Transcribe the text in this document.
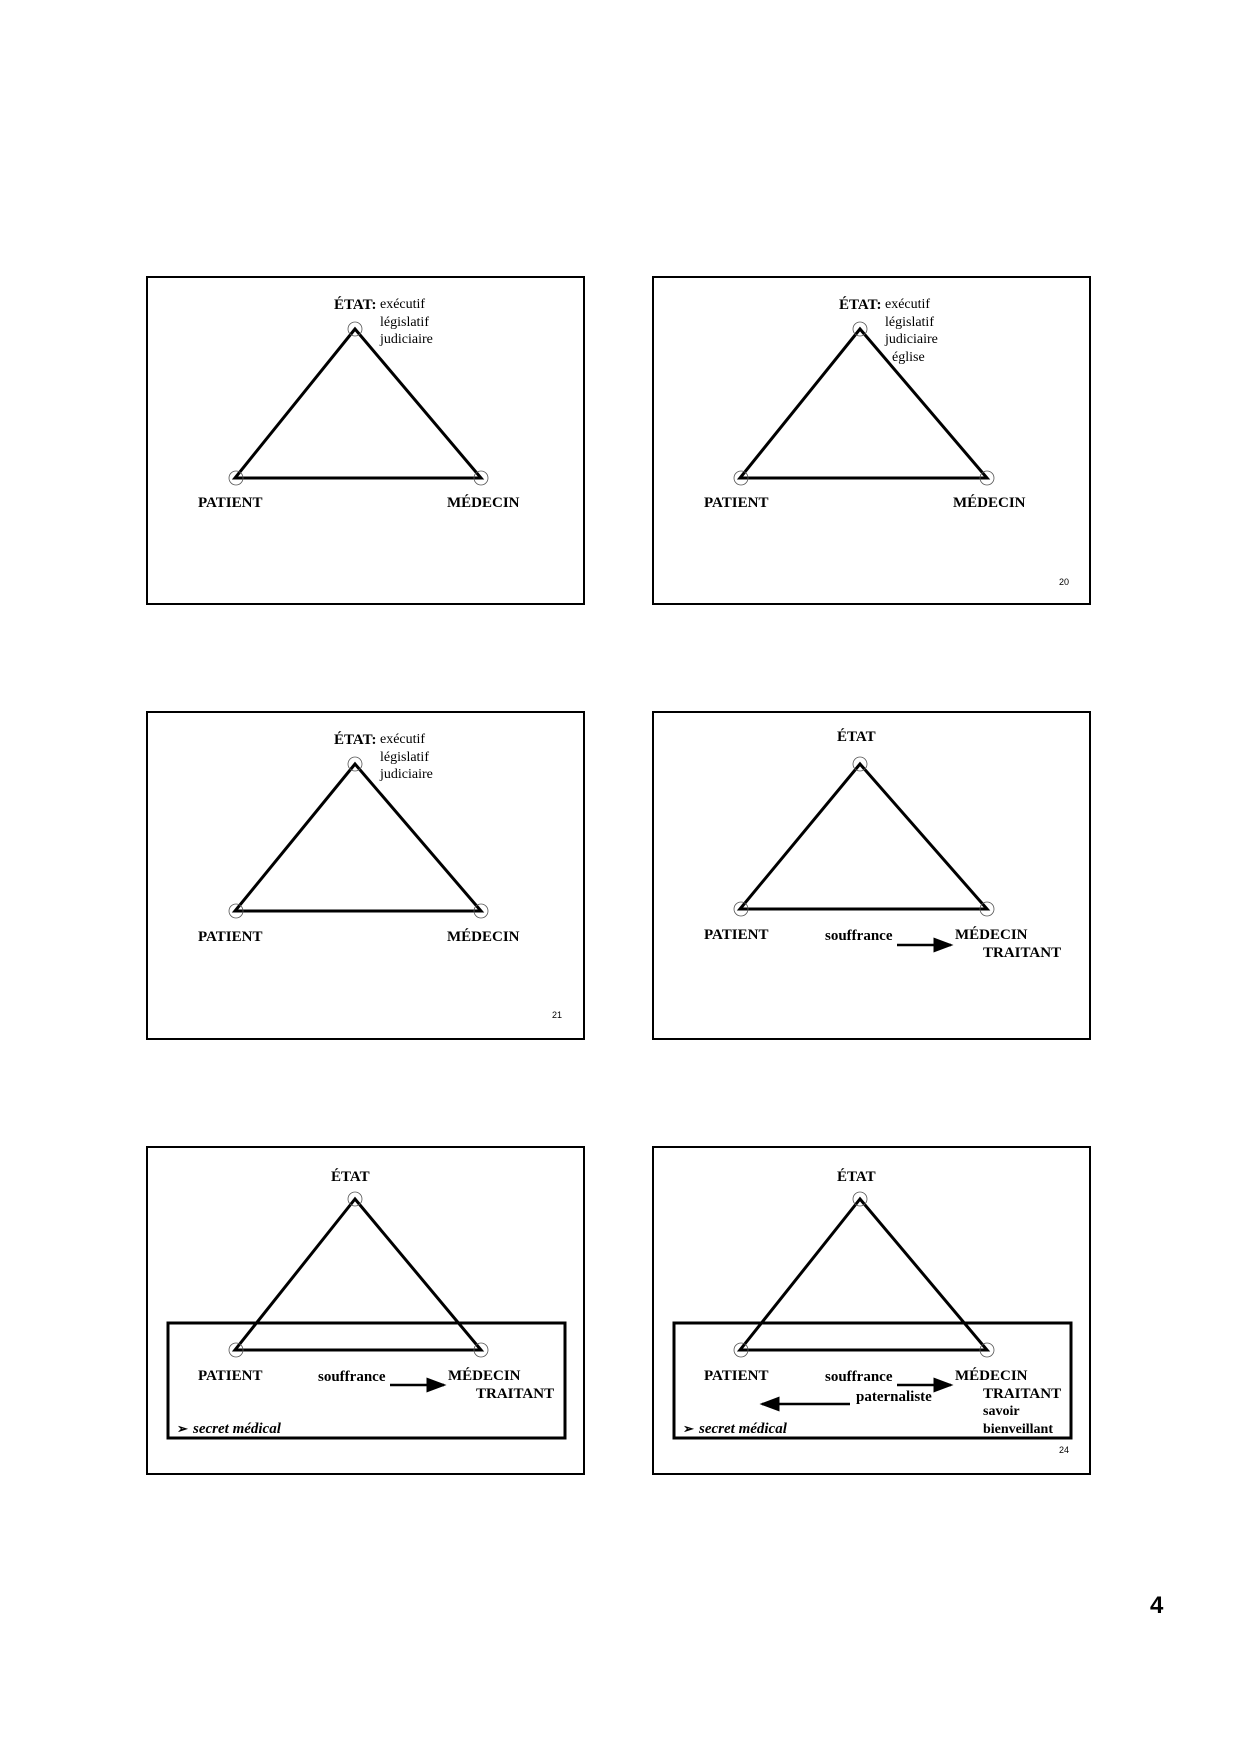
ÉTAT: exécutif
législatif
judiciaire
PATIENT	MÉDECIN
ÉTAT: exécutif
législatif
judiciaire
église
PATIENT	MÉDECIN
20
ÉTAT: exécutif
législatif
judiciaire
PATIENT	MÉDECIN
21
ÉTAT
PATIENT	souffrance	MÉDECIN
TRAITANT
ÉTAT
PATIENT	souffrance	MÉDECIN
TRAITANT
➢ secret médical
ÉTAT
PATIENT	souffrance	MÉDECIN
paternaliste	TRAITANT
savoir
bienveillant
➢ secret médical
24
4
